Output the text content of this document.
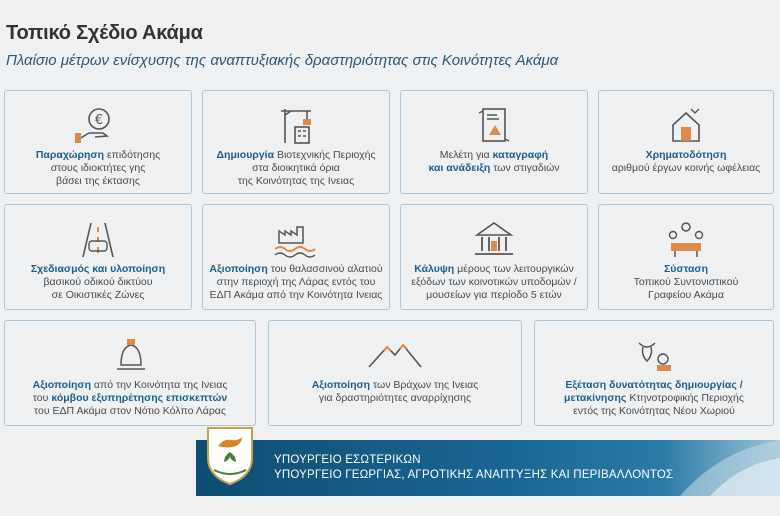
Τοπικό Σχέδιο Ακάμα
Πλαίσιο μέτρων ενίσχυσης της αναπτυξιακής δραστηριότητας στις Κοινότητες Ακάμα
€
Παραχώρηση επιδότησης
στους ιδιοκτήτες γης
βάσει της έκτασης
Δημιουργία Βιοτεχνικής Περιοχής
στα διοικητικά όρια
της Κοινότητας της Ινειας
Μελέτη για καταγραφή
και ανάδειξη των στιγαδιών
Χρηματοδότηση
αριθμού έργων κοινής ωφέλειας
Σχεδιασμός και υλοποίηση
βασικού οδικού δικτύου
σε Οικιστικές Ζώνες
Αξιοποίηση του θαλασσινού αλατιού
στην περιοχή της Λάρας εντός του
ΕΔΠ Ακάμα από την Κοινότητα Ινειας
Κάλυψη μέρους των λειτουργικών
εξόδων των κοινοτικών υποδομών /
μουσείων για περίοδο 5 ετών
Σύσταση
Τοπικού Συντονιστικού
Γραφείου Ακάμα
Αξιοποίηση από την Κοινότητα της Ινειας
του κόμβου εξυπηρέτησης επισκεπτών
του ΕΔΠ Ακάμα στον Νότιο Κόλπο Λάρας
Αξιοποίηση των Βράχων της Ινειας
για δραστηριότητες αναρρίχησης
Εξέταση δυνατότητας δημιουργίας /
μετακίνησης Κτηνοτροφικής Περιοχής
εντός της Κοινότητας Νέου Χωριού
ΥΠΟΥΡΓΕΙΟ ΕΣΩΤΕΡΙΚΩΝ
ΥΠΟΥΡΓΕΙΟ ΓΕΩΡΓΙΑΣ, ΑΓΡΟΤΙΚΗΣ ΑΝΑΠΤΥΞΗΣ ΚΑΙ ΠΕΡΙΒΑΛΛΟΝΤΟΣ
